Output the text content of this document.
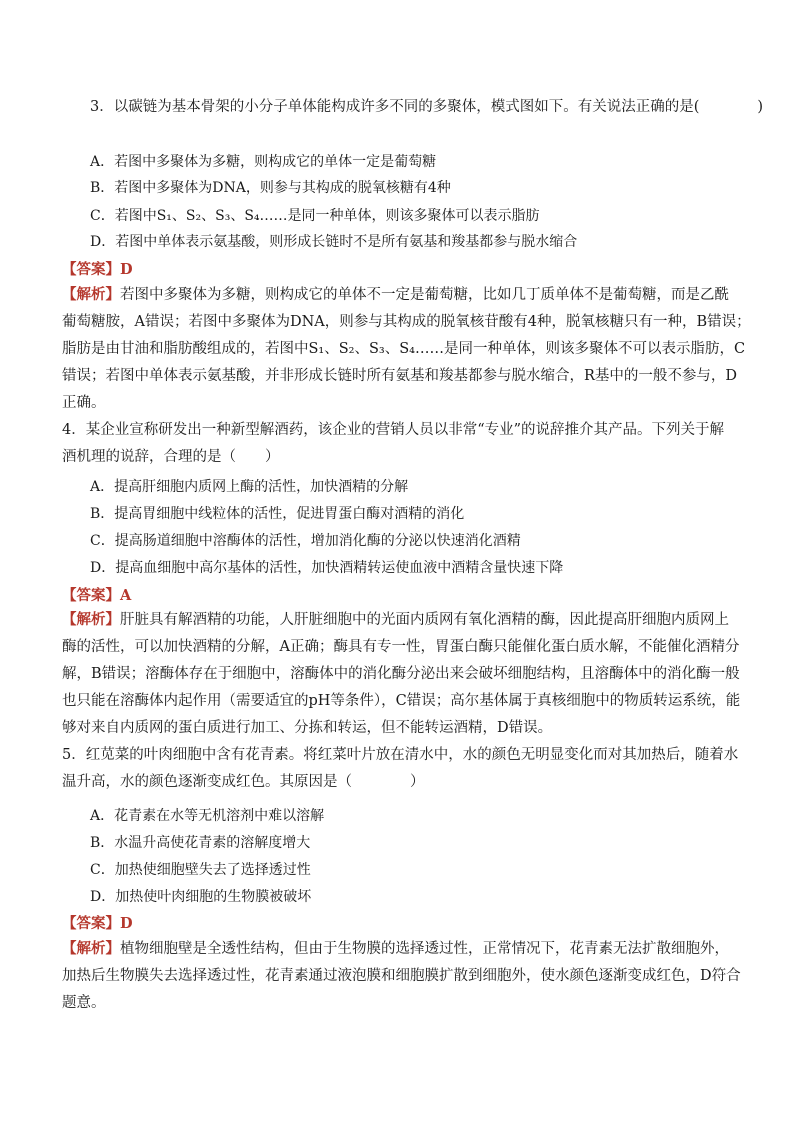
3．以碳链为基本骨架的小分子单体能构成许多不同的多聚体，模式图如下。有关说法正确的是(　　　　)
A．若图中多聚体为多糖，则构成它的单体一定是葡萄糖
B．若图中多聚体为DNA，则参与其构成的脱氧核糖有4种
C．若图中S₁、S₂、S₃、S₄……是同一种单体，则该多聚体可以表示脂肪
D．若图中单体表示氨基酸，则形成长链时不是所有氨基和羧基都参与脱水缩合
【答案】D
【解析】若图中多聚体为多糖，则构成它的单体不一定是葡萄糖，比如几丁质单体不是葡萄糖，而是乙酰
葡萄糖胺，A错误；若图中多聚体为DNA，则参与其构成的脱氧核苷酸有4种，脱氧核糖只有一种，B错误；
脂肪是由甘油和脂肪酸组成的，若图中S₁、S₂、S₃、S₄……是同一种单体，则该多聚体不可以表示脂肪，C
错误；若图中单体表示氨基酸，并非形成长链时所有氨基和羧基都参与脱水缩合，R基中的一般不参与，D
正确。
4．某企业宣称研发出一种新型解酒药，该企业的营销人员以非常“专业”的说辞推介其产品。下列关于解
酒机理的说辞，合理的是（　　）
A．提高肝细胞内质网上酶的活性，加快酒精的分解
B．提高胃细胞中线粒体的活性，促进胃蛋白酶对酒精的消化
C．提高肠道细胞中溶酶体的活性，增加消化酶的分泌以快速消化酒精
D．提高血细胞中高尔基体的活性，加快酒精转运使血液中酒精含量快速下降
【答案】A
【解析】肝脏具有解酒精的功能，人肝脏细胞中的光面内质网有氧化酒精的酶，因此提高肝细胞内质网上
酶的活性，可以加快酒精的分解，A正确；酶具有专一性，胃蛋白酶只能催化蛋白质水解，不能催化酒精分
解，B错误；溶酶体存在于细胞中，溶酶体中的消化酶分泌出来会破坏细胞结构，且溶酶体中的消化酶一般
也只能在溶酶体内起作用（需要适宜的pH等条件），C错误；高尔基体属于真核细胞中的物质转运系统，能
够对来自内质网的蛋白质进行加工、分拣和转运，但不能转运酒精，D错误。
5．红苋菜的叶肉细胞中含有花青素。将红菜叶片放在清水中，水的颜色无明显变化而对其加热后，随着水
温升高，水的颜色逐渐变成红色。其原因是（　　　　）
A．花青素在水等无机溶剂中难以溶解
B．水温升高使花青素的溶解度增大
C．加热使细胞壁失去了选择透过性
D．加热使叶肉细胞的生物膜被破坏
【答案】D
【解析】植物细胞壁是全透性结构，但由于生物膜的选择透过性，正常情况下，花青素无法扩散细胞外，
加热后生物膜失去选择透过性，花青素通过液泡膜和细胞膜扩散到细胞外，使水颜色逐渐变成红色，D符合
题意。
